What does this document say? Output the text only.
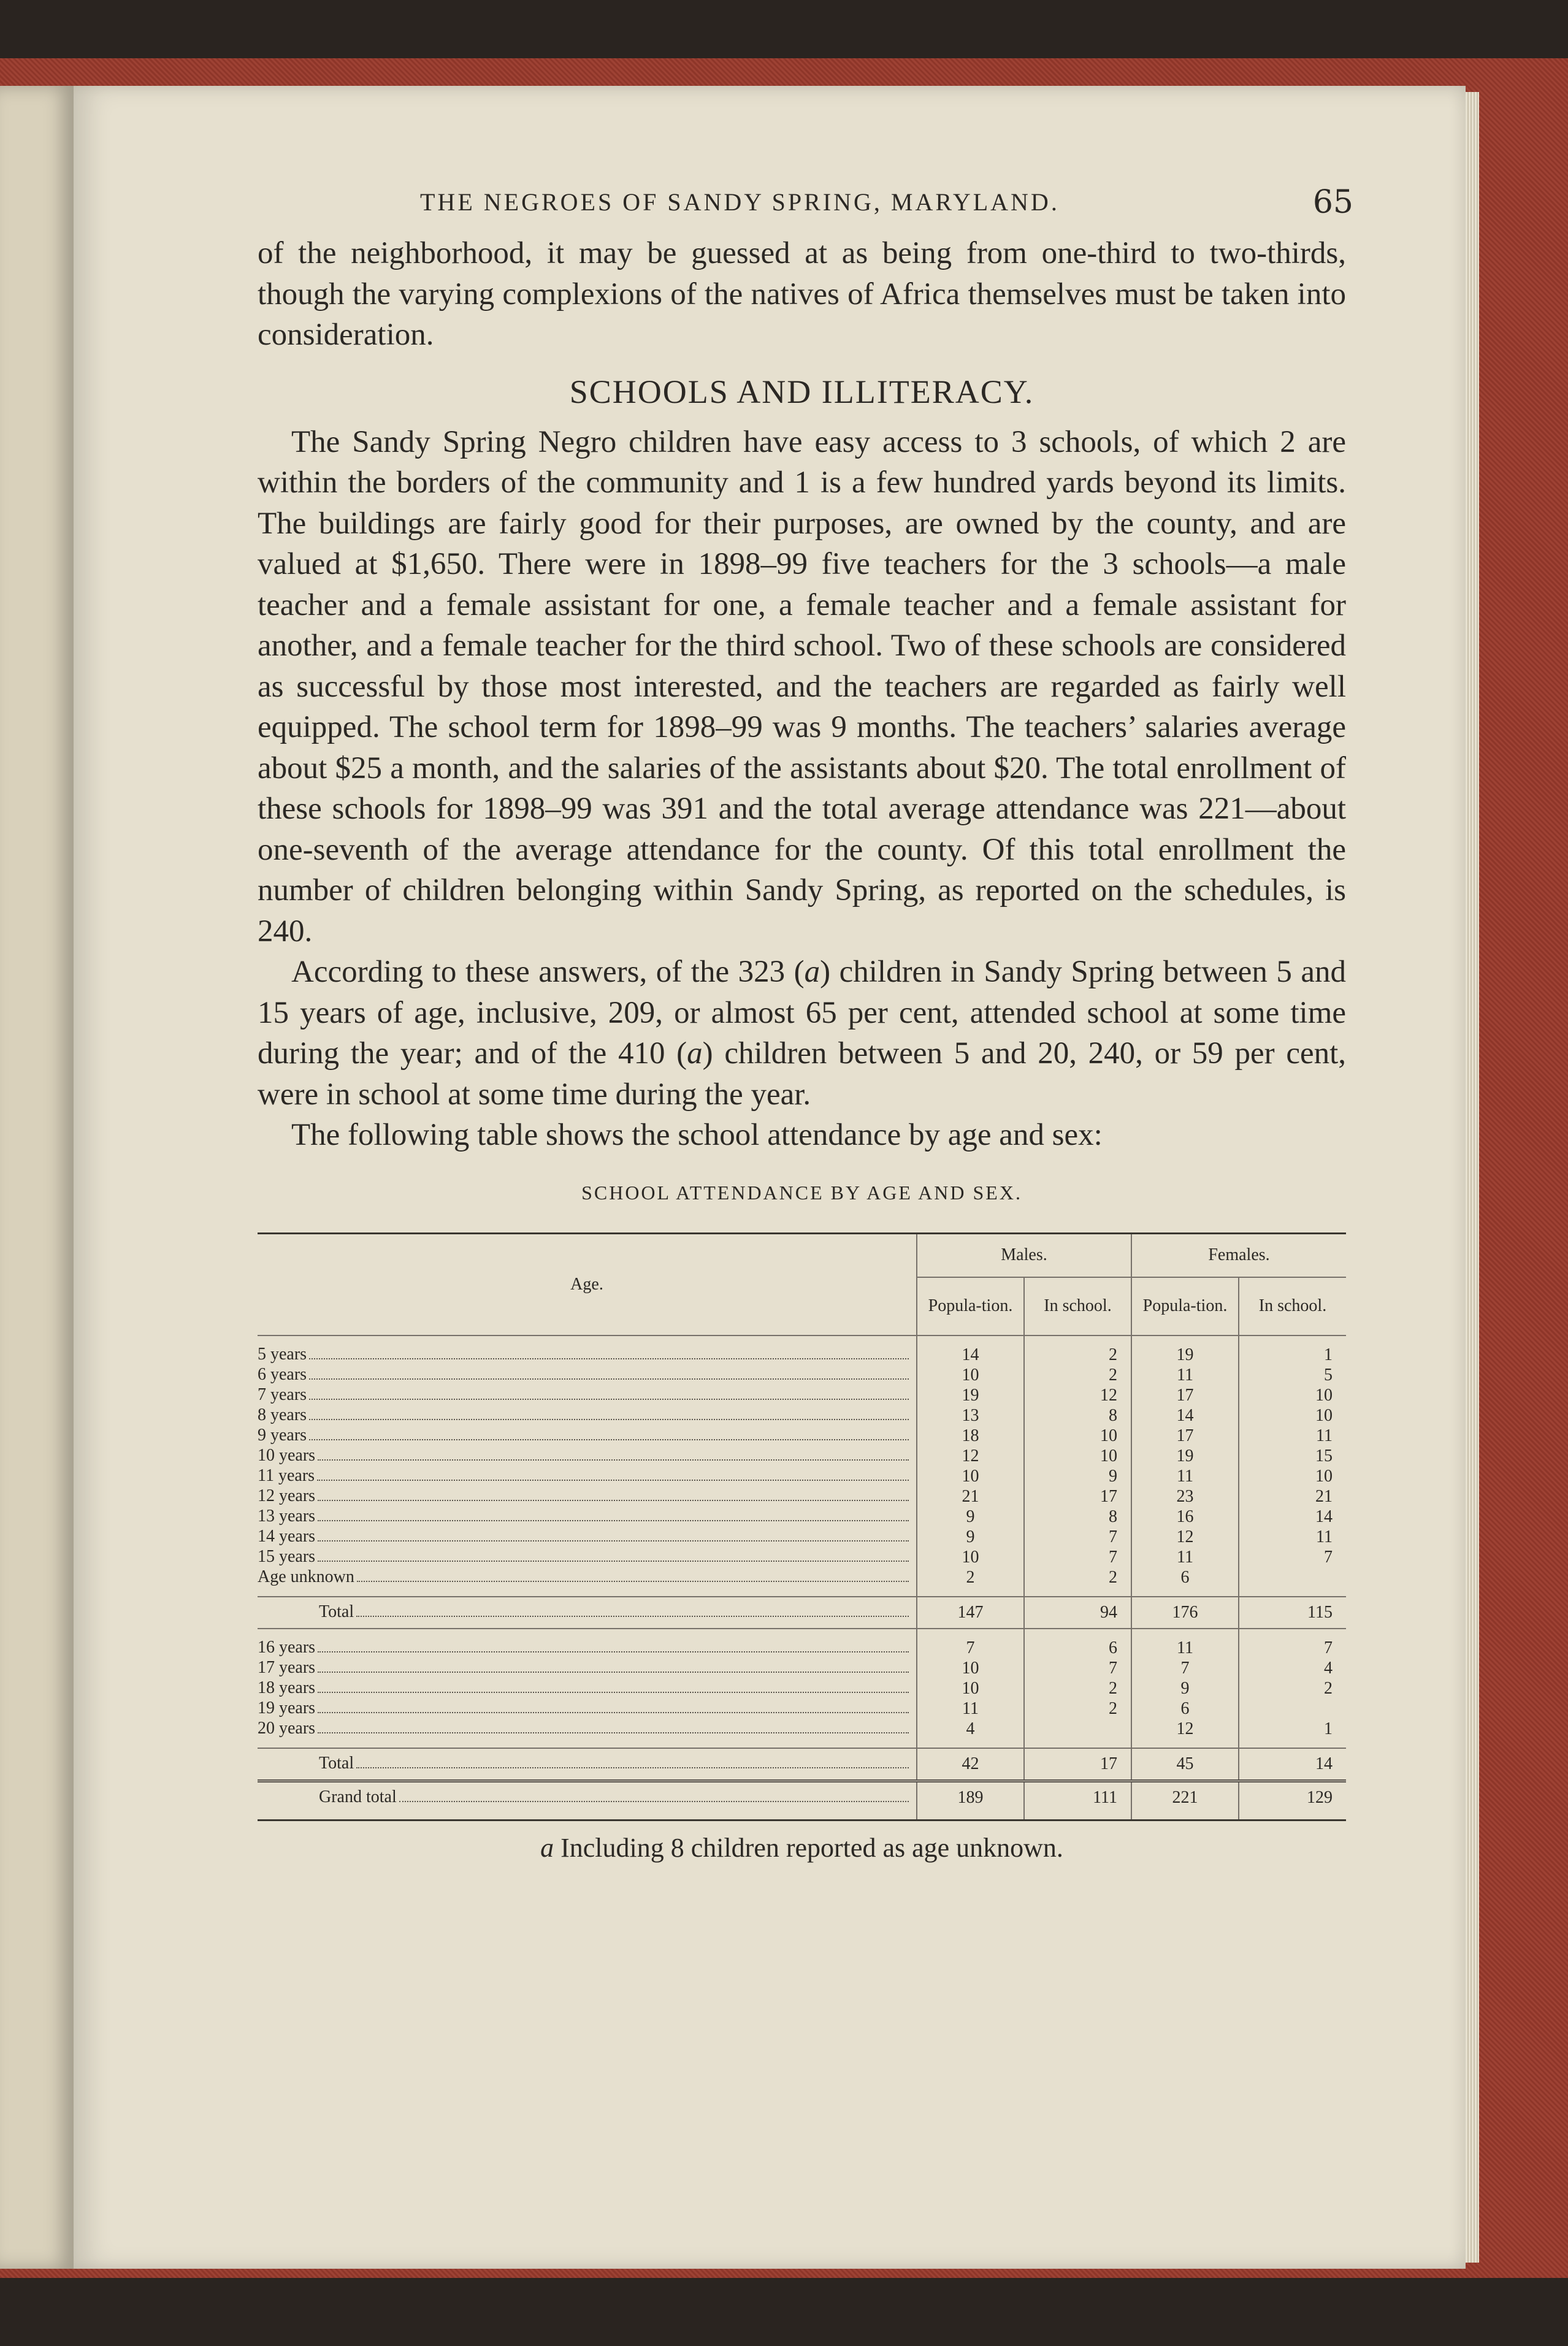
THE NEGROES OF SANDY SPRING, MARYLAND.	65

of the neighborhood, it may be guessed at as being from one-third to two-thirds, though the varying complexions of the natives of Africa themselves must be taken into consideration.

SCHOOLS AND ILLITERACY.

The Sandy Spring Negro children have easy access to 3 schools, of which 2 are within the borders of the community and 1 is a few hundred yards beyond its limits. The buildings are fairly good for their purposes, are owned by the county, and are valued at $1,650. There were in 1898–99 five teachers for the 3 schools—a male teacher and a female assistant for one, a female teacher and a female assistant for another, and a female teacher for the third school. Two of these schools are considered as successful by those most interested, and the teachers are regarded as fairly well equipped. The school term for 1898–99 was 9 months. The teachers’ salaries average about $25 a month, and the salaries of the assistants about $20. The total enrollment of these schools for 1898–99 was 391 and the total average attendance was 221—about one-seventh of the average attendance for the county. Of this total enrollment the number of children belonging within Sandy Spring, as reported on the schedules, is 240.

According to these answers, of the 323 (a) children in Sandy Spring between 5 and 15 years of age, inclusive, 209, or almost 65 per cent, attended school at some time during the year; and of the 410 (a) children between 5 and 20, 240, or 59 per cent, were in school at some time during the year.

The following table shows the school attendance by age and sex:

SCHOOL ATTENDANCE BY AGE AND SEX.

Age.	Males.		Females.	
	Popula-tion.	In school.	Popula-tion.	In school.

5 years	14	2	19	1

6 years	10	2	11	5

7 years	19	12	17	10

8 years	13	8	14	10

9 years	18	10	17	11

10 years	12	10	19	15

11 years	10	9	11	10

12 years	21	17	23	21

13 years	9	8	16	14

14 years	9	7	12	11

15 years	10	7	11	7

Age unknown	2	2	6	

Total	147	94	176	115

16 years	7	6	11	7

17 years	10	7	7	4

18 years	10	2	9	2

19 years	11	2	6	

20 years	4		12	1

Total	42	17	45	14

Grand total	189	111	221	129

a Including 8 children reported as age unknown.
